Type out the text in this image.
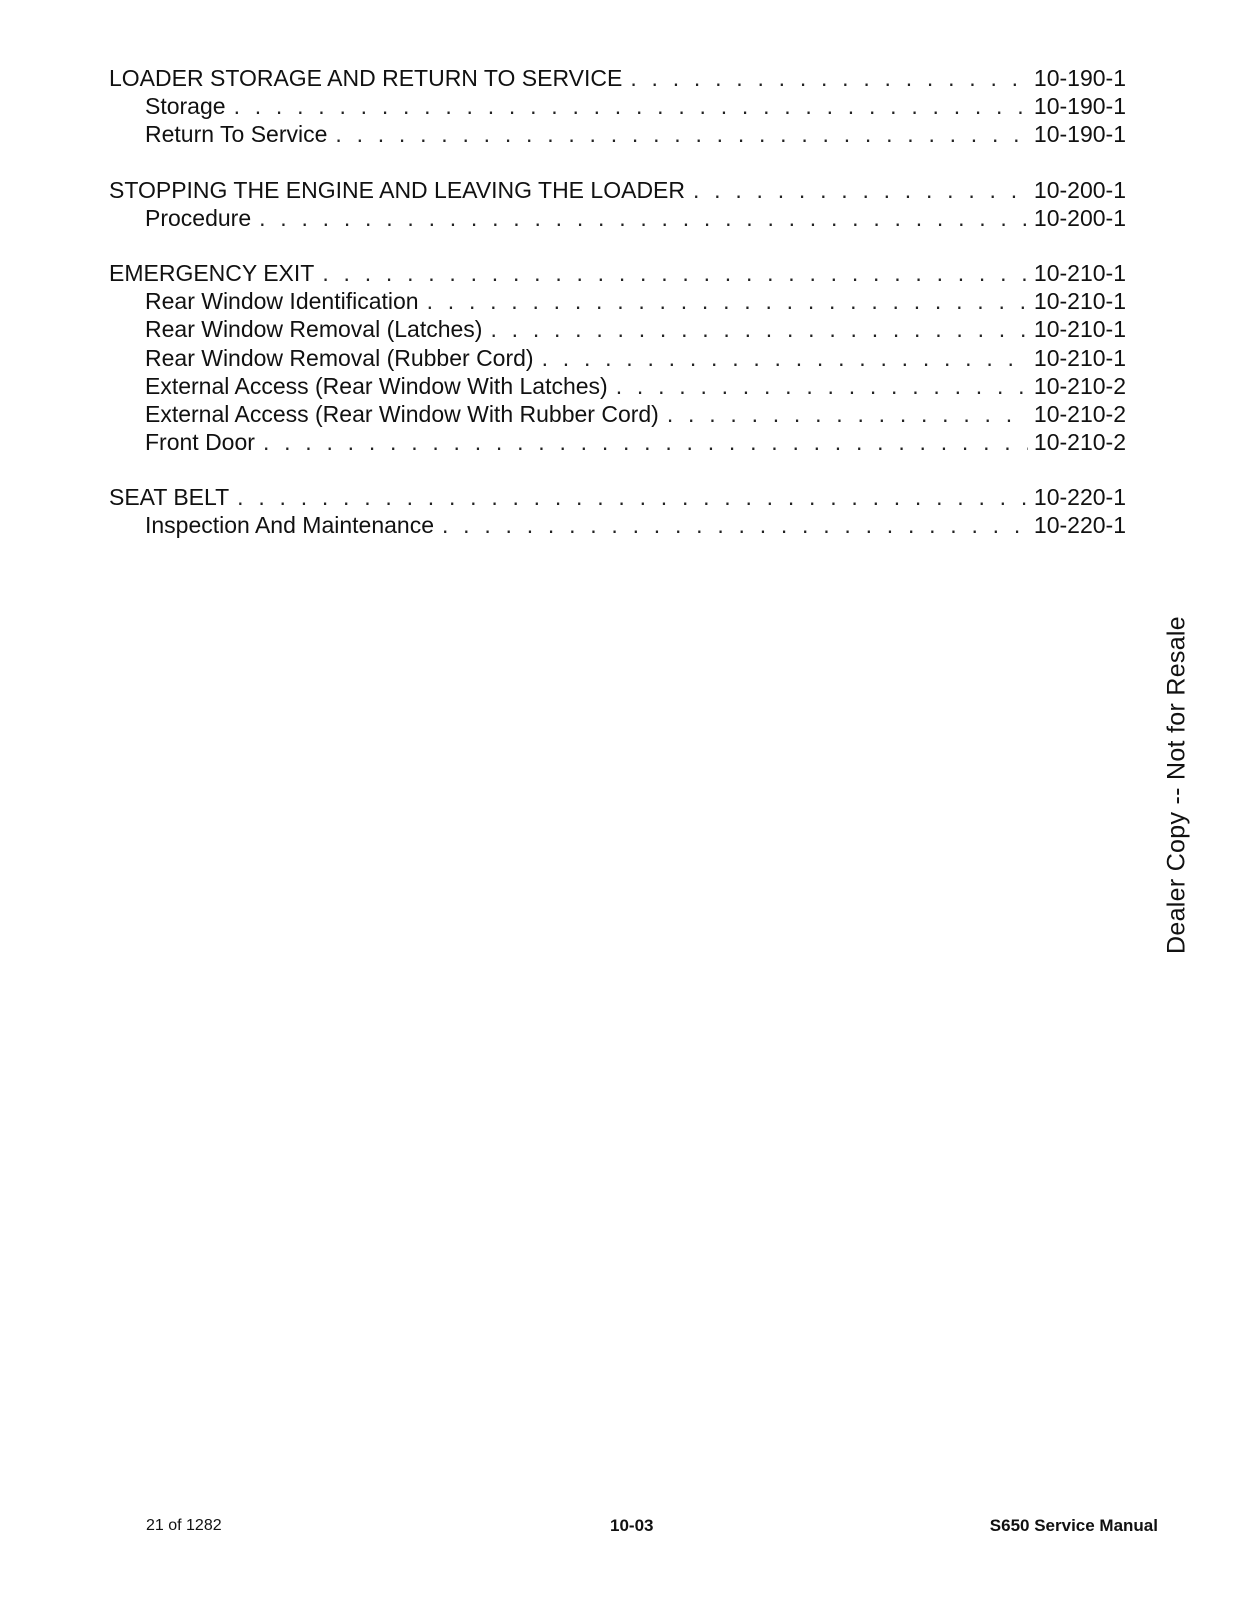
LOADER STORAGE AND RETURN TO SERVICE . . .	10-190-1
Storage . . .	10-190-1
Return To Service . . .	10-190-1
STOPPING THE ENGINE AND LEAVING THE LOADER . . .	10-200-1
Procedure . . .	10-200-1
EMERGENCY EXIT . . .	10-210-1
Rear Window Identification . . .	10-210-1
Rear Window Removal (Latches) . . .	10-210-1
Rear Window Removal (Rubber Cord) . . .	10-210-1
External Access (Rear Window With Latches) . . .	10-210-2
External Access (Rear Window With Rubber Cord) . . .	10-210-2
Front Door . . .	10-210-2
SEAT BELT . . .	10-220-1
Inspection And Maintenance . . .	10-220-1
Dealer Copy -- Not for Resale
21 of 1282	10-03	S650 Service Manual
